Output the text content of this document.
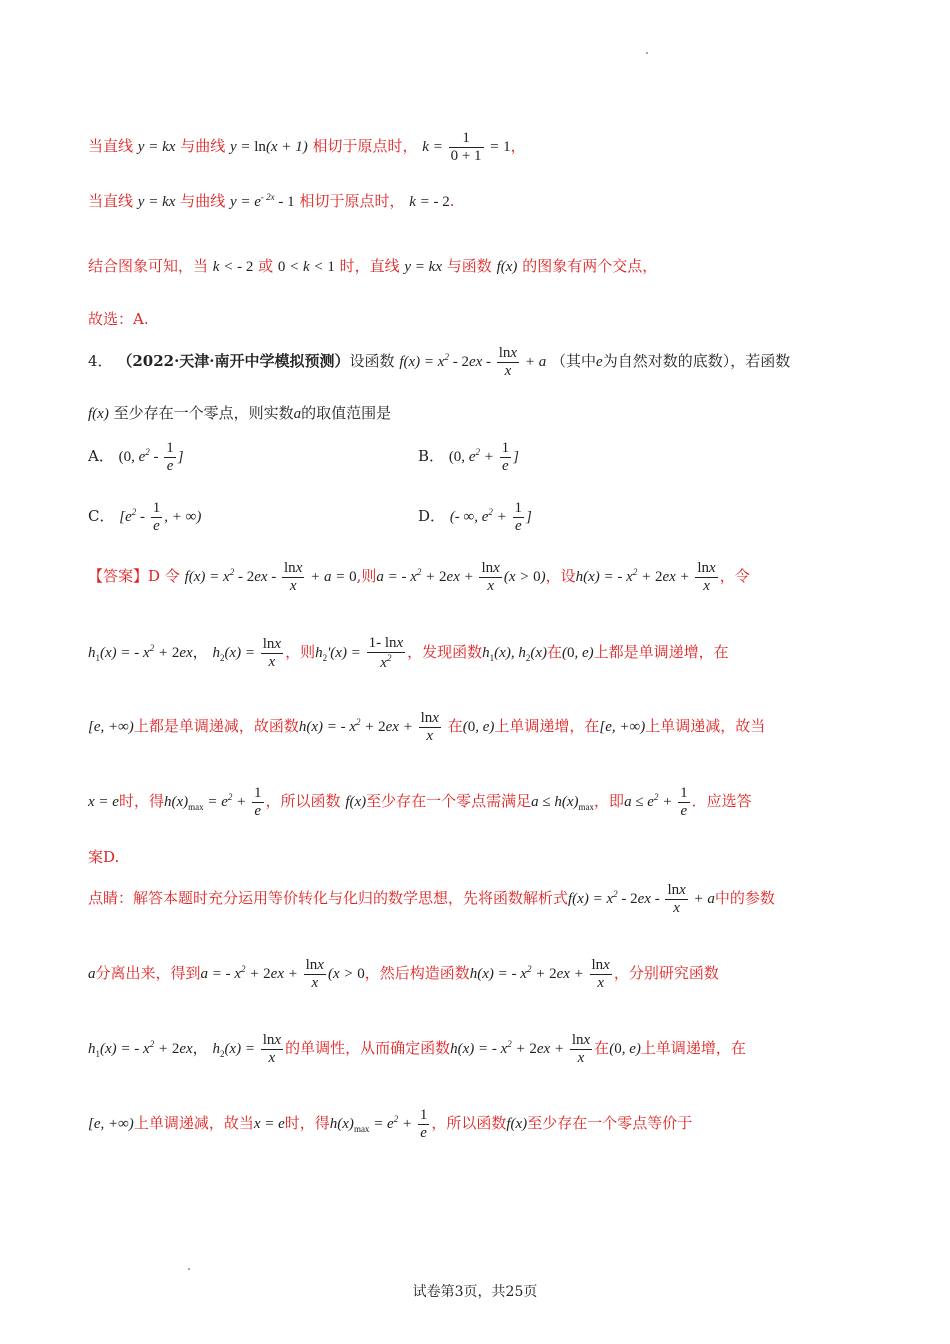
当直线 y = kx 与曲线 y = ln(x + 1) 相切于原点时， $k = \frac{1}{0 + 1} = 1$，
当直线 y = kx 与曲线 $y = e^{- 2x} - 1$ 相切于原点时， k = - 2.
结合图象可知，当 k < - 2 或 0 < k < 1 时，直线 y = kx 与函数 f(x) 的图象有两个交点，
故选：A.
4． （2022·天津·南开中学模拟预测）设函数 $f(x) = x^2 - 2ex - \frac{\ln x}{x} + a$ （其中e为自然对数的底数），若函数
f(x) 至少存在一个零点，则实数a的取值范围是
A． (0, $e^2 - \frac{1}{e}$ ]	B． (0, $e^2 + \frac{1}{e}$ ]
C． [$e^2 - \frac{1}{e}$ , + ∞)	D． (- ∞, $e^2 + \frac{1}{e}$ ]
【答案】D 令 $f(x) = x^2 - 2ex - \frac{\ln x}{x} + a = 0$,则a = - $x^2 + 2ex + \frac{\ln x}{x} (x > 0)$，设h(x) = - $x^2 + 2ex + \frac{\ln x}{x}$ ，令
$h_1(x)$ = - $x^2 + 2ex$， $h_2(x) = \frac{\ln x}{x}$ ，则$h_2'(x) = \frac{1- \ln x}{x^2}$ ，发现函数$h_1(x)$, $h_2(x)$在(0, e)上都是单调递增，在
[e, +∞)上都是单调递减，故函数h(x) = - $x^2 + 2ex + \frac{\ln x}{x}$ 在(0, e)上单调递增，在[e, +∞)上单调递减，故当
x = e时，得$h(x)_{max} = e^2 + \frac{1}{e}$ ，所以函数 f(x)至少存在一个零点需满足$a \le h(x)_{max}$，即$a \le e^2 + \frac{1}{e}$ ．应选答
案D.
点睛：解答本题时充分运用等价转化与化归的数学思想，先将函数解析式$f(x) = x^2 - 2ex - \frac{\ln x}{x} + a$中的参数
a分离出来，得到a = - $x^2 + 2ex + \frac{\ln x}{x} (x > 0$，然后构造函数h(x) = - $x^2 + 2ex + \frac{\ln x}{x}$ ，分别研究函数
$h_1(x)$ = - $x^2 + 2ex$， $h_2(x) = \frac{\ln x}{x}$ 的单调性，从而确定函数h(x) = - $x^2 + 2ex + \frac{\ln x}{x}$ 在(0, e)上单调递增，在
[e, +∞)上单调递减，故当x = e时，得$h(x)_{max} = e^2 + \frac{1}{e}$ ，所以函数f(x)至少存在一个零点等价于
试卷第3页，共25页
